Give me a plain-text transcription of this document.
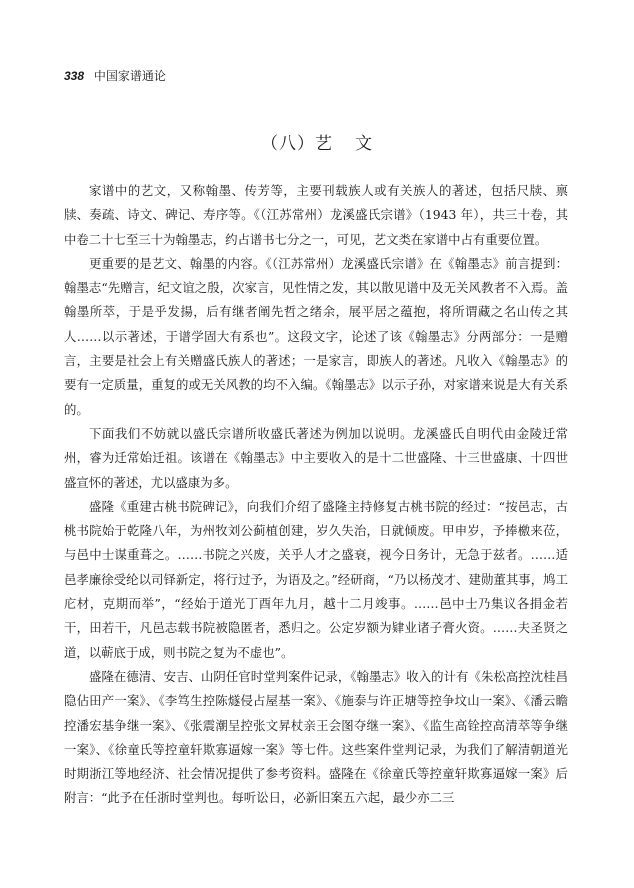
338 中国家谱通论
（八）艺 文

家谱中的艺文，又称翰墨、传芳等，主要刊载族人或有关族人的著述，包括尺牍、禀牍、奏疏、诗文、碑记、寿序等。《（江苏常州）龙溪盛氏宗谱》（1943 年），共三十卷，其中卷二十七至三十为翰墨志，约占谱书七分之一，可见，艺文类在家谱中占有重要位置。

更重要的是艺文、翰墨的内容。《（江苏常州）龙溪盛氏宗谱》在《翰墨志》前言提到：翰墨志“先赠言，纪文谊之殷，次家言，见性情之发，其以散见谱中及无关风教者不入焉。盖翰墨所萃，于是乎发揚，后有继者阐先哲之绪余，展平居之蕴抱，将所谓藏之名山传之其人……以示著述，于谱学固大有系也”。这段文字，论述了该《翰墨志》分两部分：一是赠言，主要是社会上有关赠盛氏族人的著述；一是家言，即族人的著述。凡收入《翰墨志》的要有一定质量，重复的或无关风教的均不入编。《翰墨志》以示子孙，对家谱来说是大有关系的。

下面我们不妨就以盛氏宗谱所收盛氏著述为例加以说明。龙溪盛氏自明代由金陵迁常州，睿为迁常始迁祖。该谱在《翰墨志》中主要收入的是十二世盛隆、十三世盛康、十四世盛宣怀的著述，尤以盛康为多。

盛隆《重建古桃书院碑记》，向我们介绍了盛隆主持修复古桃书院的经过：“按邑志，古桃书院始于乾隆八年，为州牧刘公蓟植创建，岁久失治，日就倾废。甲申岁，予捧檄来莅，与邑中士谋重葺之。……书院之兴废，关乎人才之盛衰，视今日务计，无急于兹者。……适邑孝廉徐受纶以司铎新定，将行过予，为语及之。”经研商，“乃以杨茂才、建勋董其事，鸠工庀材，克期而举”，“经始于道光丁酉年九月，越十二月竣事。……邑中士乃集议各捐金若干，田若干，凡邑志载书院被隐匿者，悉归之。公定岁额为肄业诸子膏火资。……夫圣贤之道，以蕲底于成，则书院之复为不虚也”。

盛隆在德清、安吉、山阴任官时堂判案件记录，《翰墨志》收入的计有《朱松高控沈桂昌隐佔田产一案》、《李笃生控陈燧侵占屋基一案》、《施泰与许正塘等控争坟山一案》、《潘云瞻控潘宏基争继一案》、《张震潮呈控张文昇杖亲王会图夺继一案》、《监生高铨控高清萃等争继一案》、《徐童氏等控童轩欺寡逼嫁一案》等七件。这些案件堂判记录，为我们了解清朝道光时期浙江等地经济、社会情况提供了参考资料。盛隆在《徐童氏等控童轩欺寡逼嫁一案》后附言：“此予在任浙时堂判也。每听讼日，必新旧案五六起，最少亦二三
